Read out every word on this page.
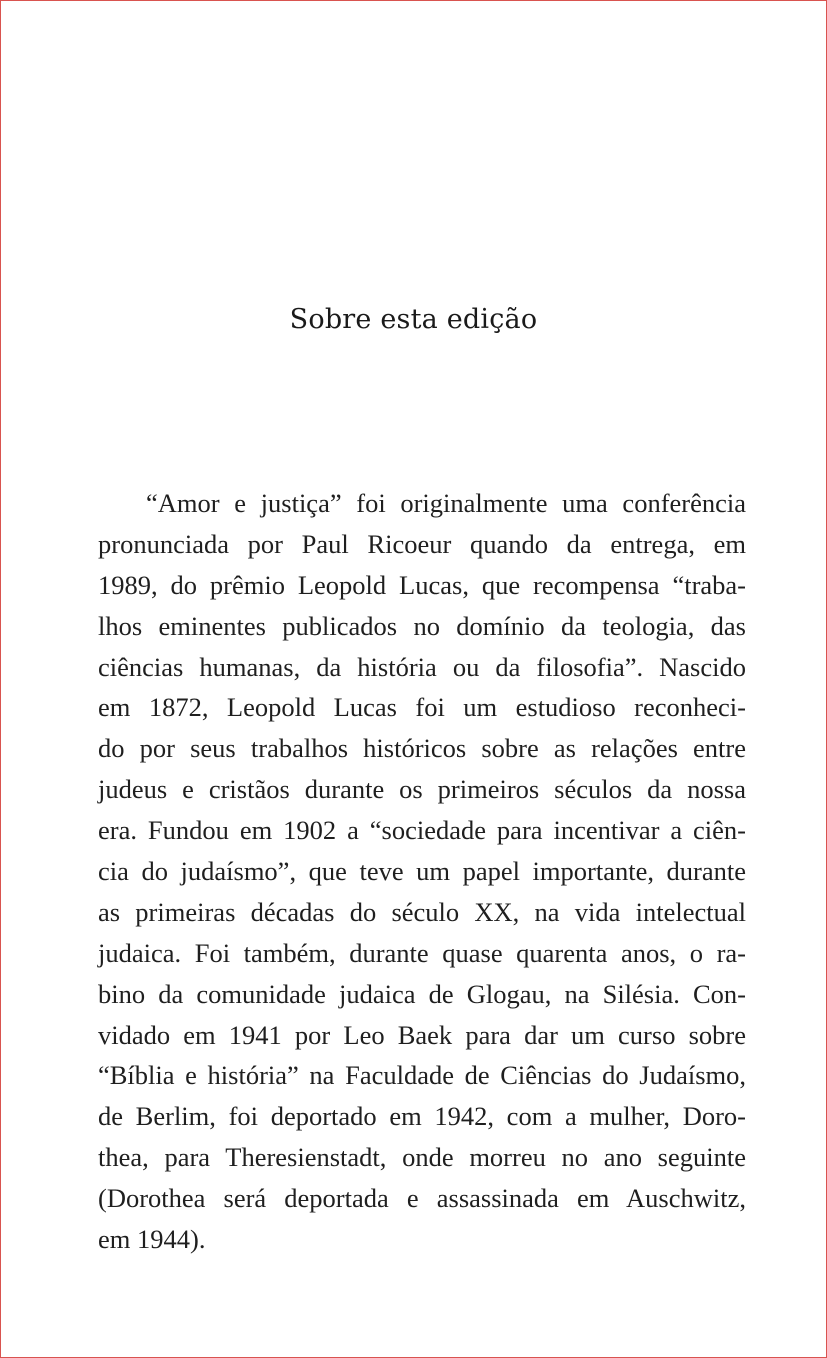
Sobre esta edição
“Amor e justiça” foi originalmente uma conferência
pronunciada por Paul Ricoeur quando da entrega, em
1989, do prêmio Leopold Lucas, que recompensa “traba-
lhos eminentes publicados no domínio da teologia, das
ciências humanas, da história ou da filosofia”. Nascido
em 1872, Leopold Lucas foi um estudioso reconheci-
do por seus trabalhos históricos sobre as relações entre
judeus e cristãos durante os primeiros séculos da nossa
era. Fundou em 1902 a “sociedade para incentivar a ciên-
cia do judaísmo”, que teve um papel importante, durante
as primeiras décadas do século XX, na vida intelectual
judaica. Foi também, durante quase quarenta anos, o ra-
bino da comunidade judaica de Glogau, na Silésia. Con-
vidado em 1941 por Leo Baek para dar um curso sobre
“Bíblia e história” na Faculdade de Ciências do Judaísmo,
de Berlim, foi deportado em 1942, com a mulher, Doro-
thea, para Theresienstadt, onde morreu no ano seguinte
(Dorothea será deportada e assassinada em Auschwitz,
em 1944).
